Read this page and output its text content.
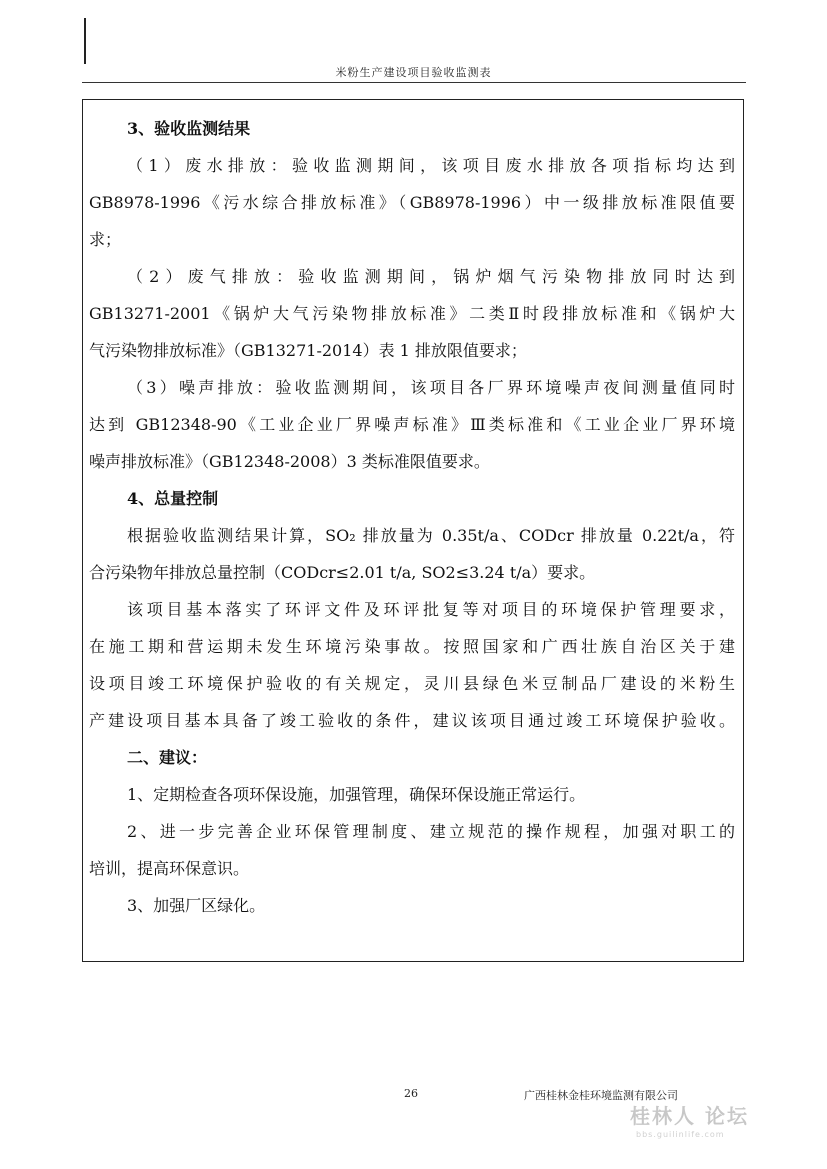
米粉生产建设项目验收监测表
3、验收监测结果
（1）废水排放：验收监测期间，该项目废水排放各项指标均达到
GB8978-1996《污水综合排放标准》（GB8978-1996）中一级排放标准限值要
求；
（2）废气排放：验收监测期间，锅炉烟气污染物排放同时达到
GB13271-2001《锅炉大气污染物排放标准》二类Ⅱ时段排放标准和《锅炉大
气污染物排放标准》（GB13271-2014）表 1 排放限值要求；
（3）噪声排放：验收监测期间，该项目各厂界环境噪声夜间测量值同时
达到 GB12348-90《工业企业厂界噪声标准》Ⅲ类标准和《工业企业厂界环境
噪声排放标准》（GB12348-2008）3 类标准限值要求。
4、总量控制
根据验收监测结果计算，SO₂ 排放量为 0.35t/a、CODcr 排放量 0.22t/a，符
合污染物年排放总量控制（CODcr≤2.01 t/a, SO2≤3.24 t/a）要求。
该项目基本落实了环评文件及环评批复等对项目的环境保护管理要求，
在施工期和营运期未发生环境污染事故。按照国家和广西壮族自治区关于建
设项目竣工环境保护验收的有关规定，灵川县绿色米豆制品厂建设的米粉生
产建设项目基本具备了竣工验收的条件，建议该项目通过竣工环境保护验收。
二、建议：
1、定期检查各项环保设施，加强管理，确保环保设施正常运行。
2、进一步完善企业环保管理制度、建立规范的操作规程，加强对职工的
培训，提高环保意识。
3、加强厂区绿化。
26	广西桂林金桂环境监测有限公司
桂林人 论坛
bbs.guilinlife.com
